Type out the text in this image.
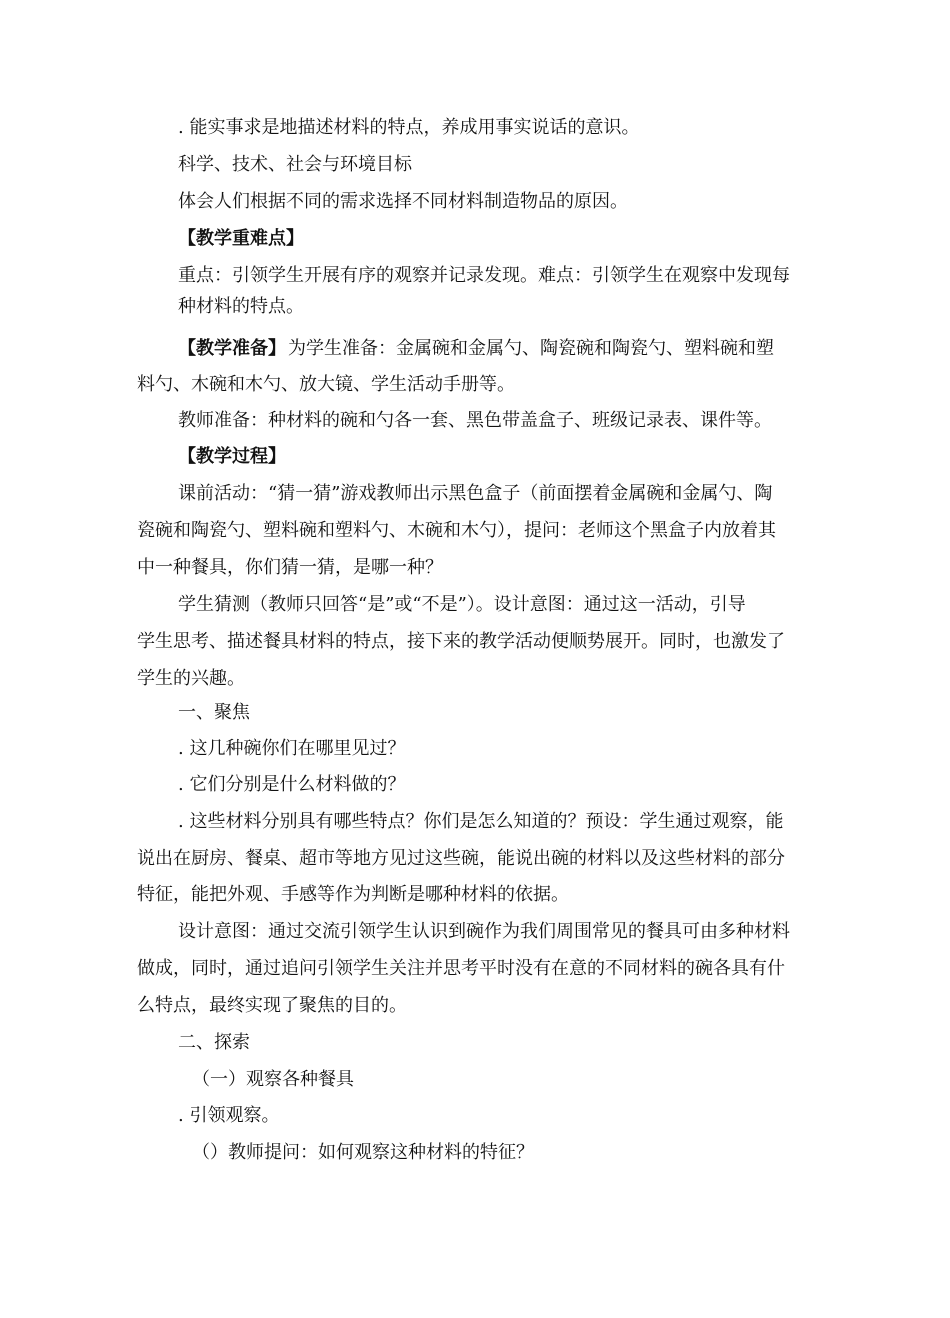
. 能实事求是地描述材料的特点，养成用事实说话的意识。
科学、技术、社会与环境目标
体会人们根据不同的需求选择不同材料制造物品的原因。
【教学重难点】
重点：引领学生开展有序的观察并记录发现。难点：引领学生在观察中发现每
种材料的特点。
【教学准备】 为学生准备：金属碗和金属勺、陶瓷碗和陶瓷勺、塑料碗和塑
料勺、木碗和木勺、放大镜、学生活动手册等。
教师准备：种材料的碗和勺各一套、黑色带盖盒子、班级记录表、课件等。
【教学过程】
课前活动：“猜一猜”游戏教师出示黑色盒子（前面摆着金属碗和金属勺、陶
瓷碗和陶瓷勺、塑料碗和塑料勺、木碗和木勺），提问：老师这个黑盒子内放着其
中一种餐具，你们猜一猜，是哪一种？
学生猜测（教师只回答“是”或“不是”）。设计意图：通过这一活动，引导
学生思考、描述餐具材料的特点，接下来的教学活动便顺势展开。同时，也激发了
学生的兴趣。
一、聚焦
. 这几种碗你们在哪里见过？
. 它们分别是什么材料做的？
. 这些材料分别具有哪些特点？你们是怎么知道的？预设：学生通过观察，能
说出在厨房、餐桌、超市等地方见过这些碗，能说出碗的材料以及这些材料的部分
特征，能把外观、手感等作为判断是哪种材料的依据。
设计意图：通过交流引领学生认识到碗作为我们周围常见的餐具可由多种材料
做成，同时，通过追问引领学生关注并思考平时没有在意的不同材料的碗各具有什
么特点，最终实现了聚焦的目的。
二、探索
（一）观察各种餐具
. 引领观察。
（）教师提问：如何观察这种材料的特征？
